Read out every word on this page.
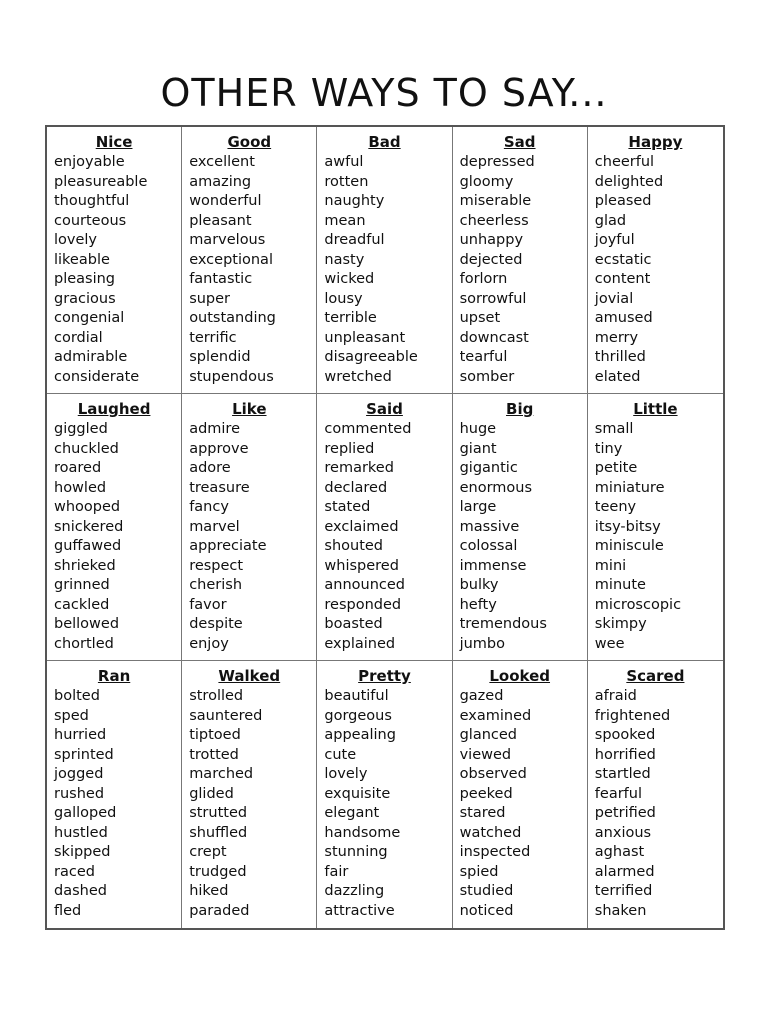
OTHER WAYS TO SAY...
Nice
enjoyable
pleasureable
thoughtful
courteous
lovely
likeable
pleasing
gracious
congenial
cordial
admirable
considerate
Good
excellent
amazing
wonderful
pleasant
marvelous
exceptional
fantastic
super
outstanding
terrific
splendid
stupendous
Bad
awful
rotten
naughty
mean
dreadful
nasty
wicked
lousy
terrible
unpleasant
disagreeable
wretched
Sad
depressed
gloomy
miserable
cheerless
unhappy
dejected
forlorn
sorrowful
upset
downcast
tearful
somber
Happy
cheerful
delighted
pleased
glad
joyful
ecstatic
content
jovial
amused
merry
thrilled
elated
Laughed
giggled
chuckled
roared
howled
whooped
snickered
guffawed
shrieked
grinned
cackled
bellowed
chortled
Like
admire
approve
adore
treasure
fancy
marvel
appreciate
respect
cherish
favor
despite
enjoy
Said
commented
replied
remarked
declared
stated
exclaimed
shouted
whispered
announced
responded
boasted
explained
Big
huge
giant
gigantic
enormous
large
massive
colossal
immense
bulky
hefty
tremendous
jumbo
Little
small
tiny
petite
miniature
teeny
itsy-bitsy
miniscule
mini
minute
microscopic
skimpy
wee
Ran
bolted
sped
hurried
sprinted
jogged
rushed
galloped
hustled
skipped
raced
dashed
fled
Walked
strolled
sauntered
tiptoed
trotted
marched
glided
strutted
shuffled
crept
trudged
hiked
paraded
Pretty
beautiful
gorgeous
appealing
cute
lovely
exquisite
elegant
handsome
stunning
fair
dazzling
attractive
Looked
gazed
examined
glanced
viewed
observed
peeked
stared
watched
inspected
spied
studied
noticed
Scared
afraid
frightened
spooked
horrified
startled
fearful
petrified
anxious
aghast
alarmed
terrified
shaken
